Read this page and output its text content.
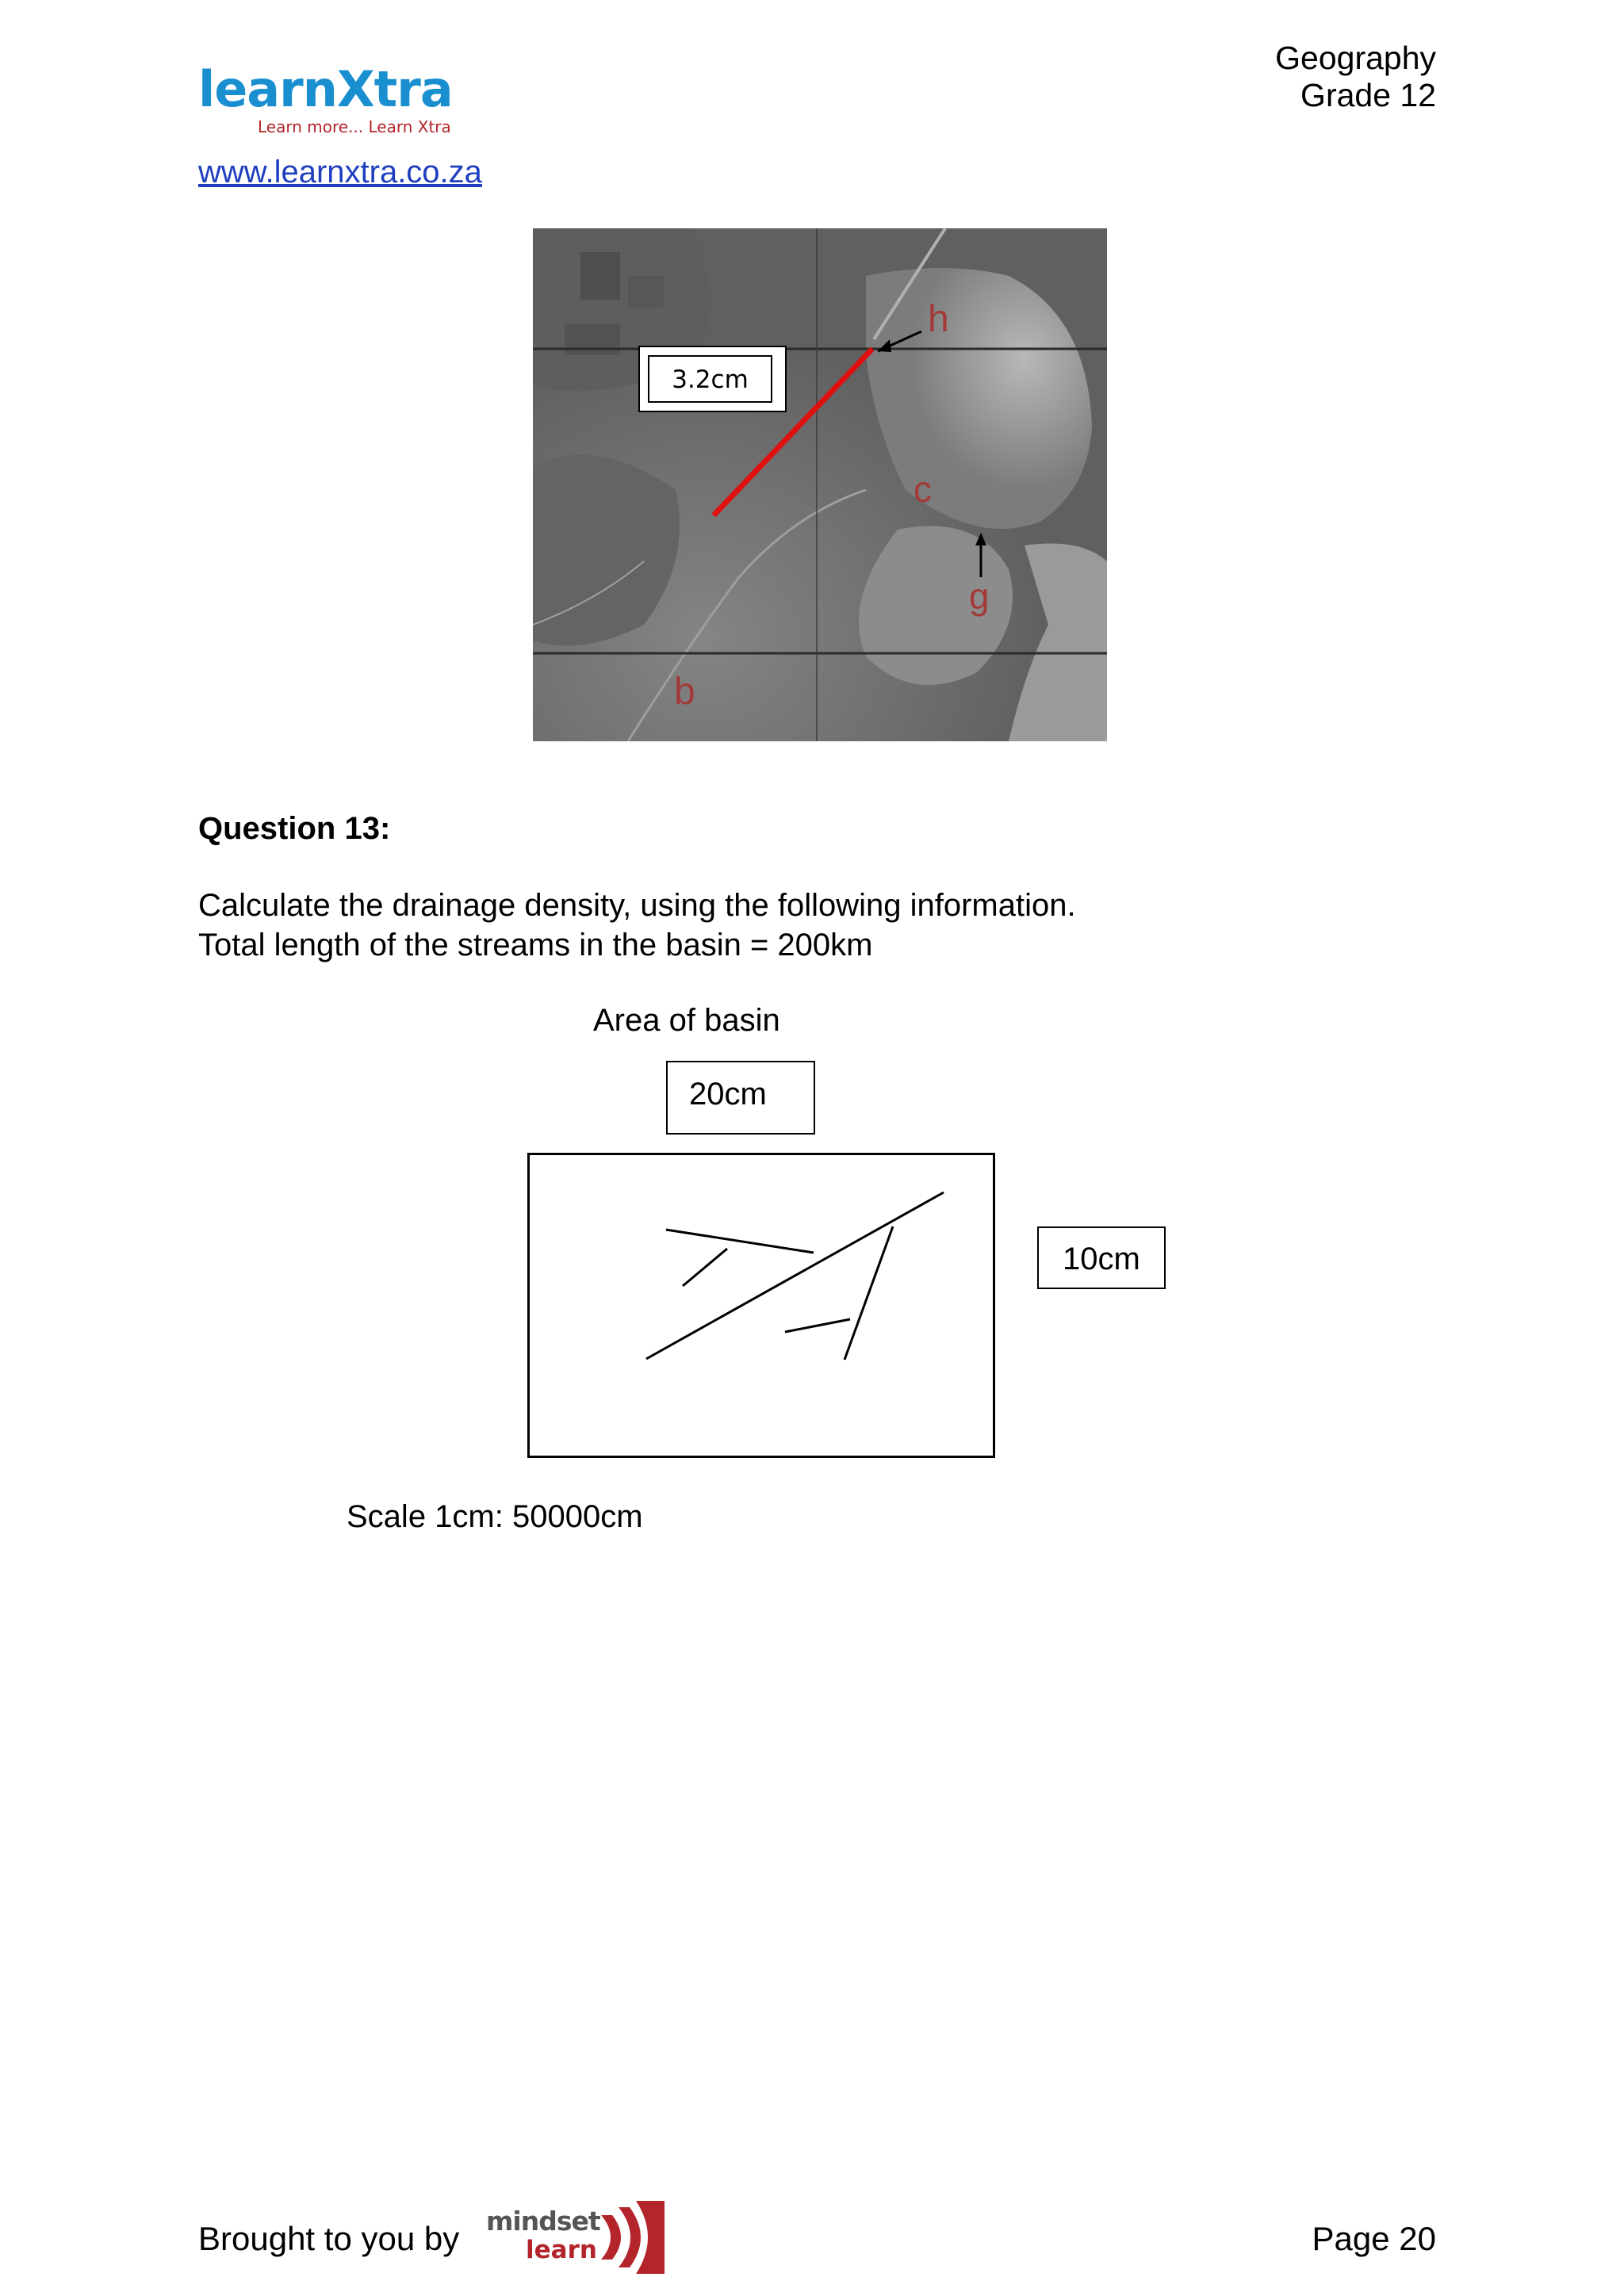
learnXtra
Learn more... Learn Xtra
Geography
Grade 12
www.learnxtra.co.za
h
c
g
b
3.2cm
Question 13:
Calculate the drainage density, using the following information.
Total length of the streams in the basin = 200km
Area of basin
20cm
10cm
Scale 1cm: 50000cm
Brought to you by mindset
learn	Page 20
